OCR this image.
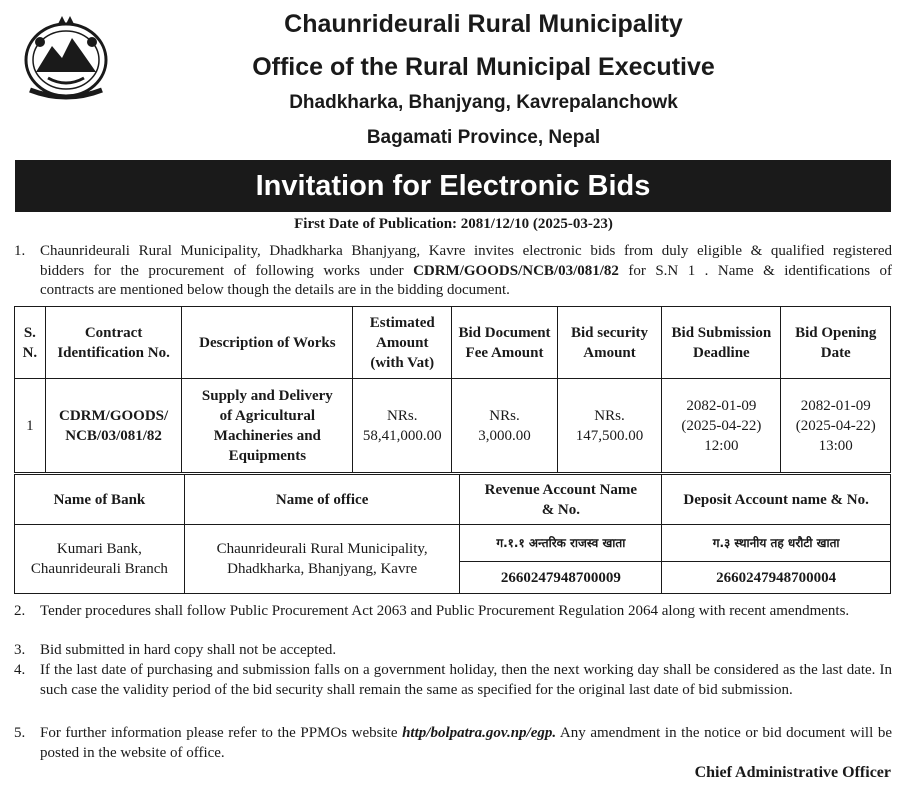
Chaunrideurali Rural Municipality
Office of the Rural Municipal Executive
Dhadkharka, Bhanjyang, Kavrepalanchowk
Bagamati Province, Nepal
Invitation for Electronic Bids
First Date of Publication: 2081/12/10 (2025-03-23)
1. Chaunrideurali Rural Municipality, Dhadkharka Bhanjyang, Kavre invites electronic bids from duly eligible & qualified registered
bidders for the procurement of following works under CDRM/GOODS/NCB/03/081/82 for S.N 1 . Name & identifications of
contracts are mentioned below though the details are in the bidding document.
S. N.	Contract Identification No.	Description of Works	Estimated Amount (with Vat)	Bid Document Fee Amount	Bid security Amount	Bid Submission Deadline	Bid Opening Date
1	CDRM/GOODS/ NCB/03/081/82	Supply and Delivery of Agricultural Machineries and Equipments	NRs. 58,41,000.00	NRs. 3,000.00	NRs. 147,500.00	2082-01-09 (2025-04-22) 12:00	2082-01-09 (2025-04-22) 13:00
Name of Bank	Name of office	Revenue Account Name & No.	Deposit Account name & No.
Kumari Bank, Chaunrideurali Branch	Chaunrideurali Rural Municipality, Dhadkharka, Bhanjyang, Kavre	ग.१.१ अन्तरिक राजस्व खाता	ग.३ स्थानीय तह धरौटी खाता
		2660247948700009	2660247948700004
2. Tender procedures shall follow Public Procurement Act 2063 and Public Procurement Regulation 2064 along with recent amendments.
3. Bid submitted in hard copy shall not be accepted.
4. If the last date of purchasing and submission falls on a government holiday, then the next working day shall be considered as the last date. In such case the validity period of the bid security shall remain the same as specified for the original last date of bid submission.
5. For further information please refer to the PPMOs website http/bolpatra.gov.np/egp. Any amendment in the notice or bid document will be posted in the website of office.
Chief Administrative Officer
